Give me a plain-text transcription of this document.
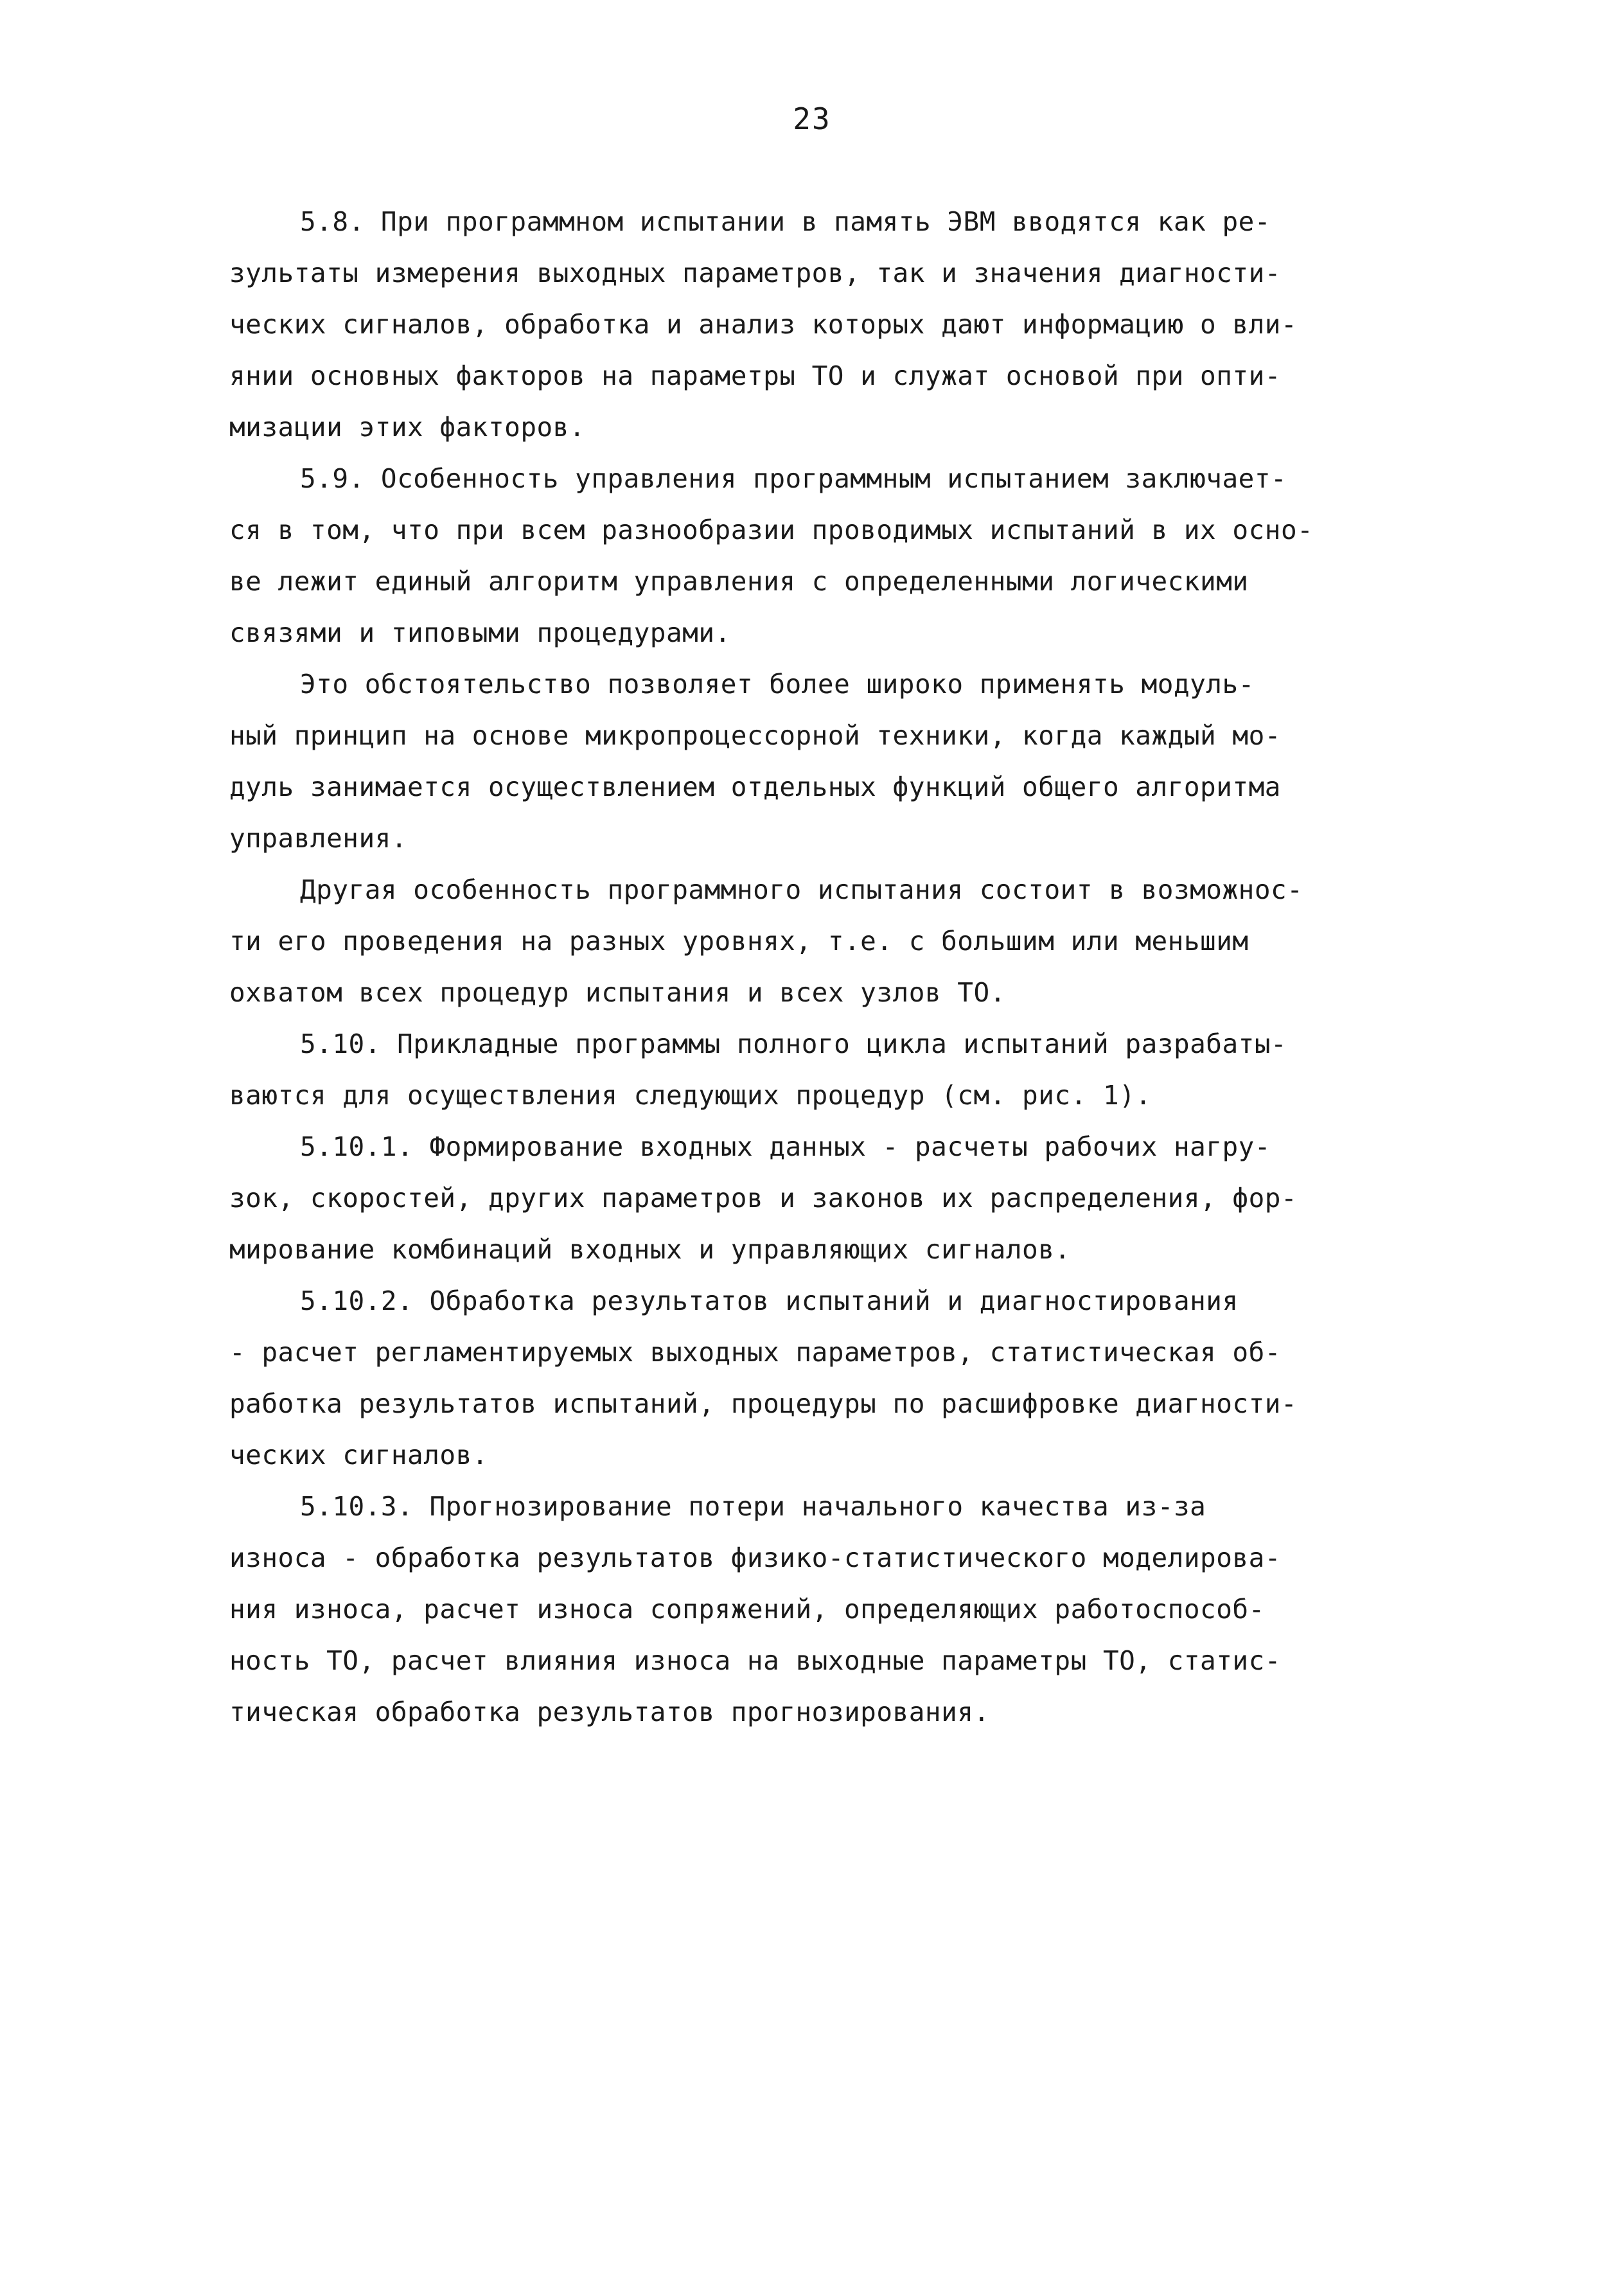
23
5.8. При программном испытании в память ЭВМ вводятся как ре-
зультаты измерения выходных параметров, так и значения диагности-
ческих сигналов, обработка и анализ которых дают информацию о вли-
янии основных факторов на параметры ТО и служат основой при опти-
мизации этих факторов.
5.9. Особенность управления программным испытанием заключает-
ся в том, что при всем разнообразии проводимых испытаний в их осно-
ве лежит единый алгоритм управления с определенными логическими
связями и типовыми процедурами.
Это обстоятельство позволяет более широко применять модуль-
ный принцип на основе микропроцессорной техники, когда каждый мо-
дуль занимается осуществлением отдельных функций общего алгоритма
управления.
Другая особенность программного испытания состоит в возможнос-
ти его проведения на разных уровнях, т.е. с большим или меньшим
охватом всех процедур испытания и всех узлов ТО.
5.10. Прикладные программы полного цикла испытаний разрабаты-
ваются для осуществления следующих процедур (см. рис. 1).
5.10.1. Формирование входных данных - расчеты рабочих нагру-
зок, скоростей, других параметров и законов их распределения, фор-
мирование комбинаций входных и управляющих сигналов.
5.10.2. Обработка результатов испытаний и диагностирования
- расчет регламентируемых выходных параметров, статистическая об-
работка результатов испытаний, процедуры по расшифровке диагности-
ческих сигналов.
5.10.3. Прогнозирование потери начального качества из-за
износа - обработка результатов физико-статистического моделирова-
ния износа, расчет износа сопряжений, определяющих работоспособ-
ность ТО, расчет влияния износа на выходные параметры ТО, статис-
тическая обработка результатов прогнозирования.
